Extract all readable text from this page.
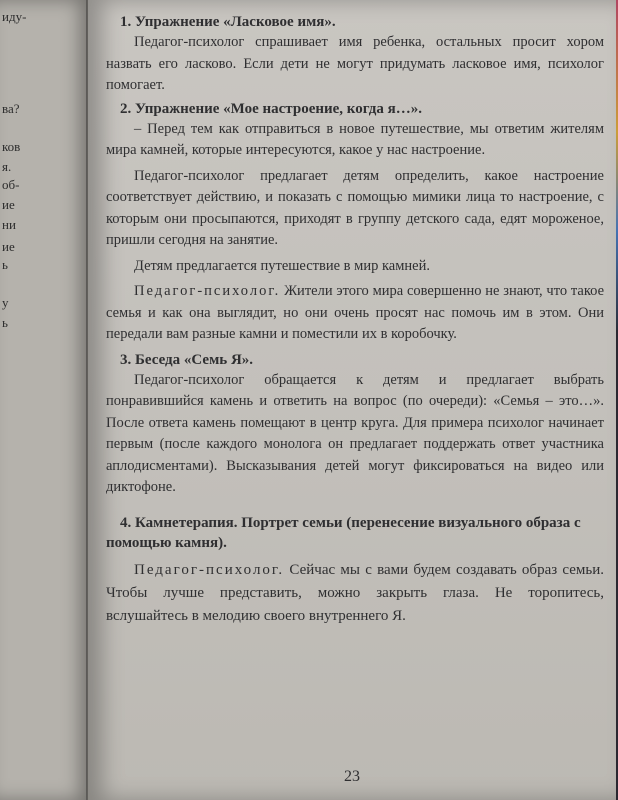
иду-
ва?
ков
я.
об-
ие
ни
ие
ь
у
ь
1. Упражнение «Ласковое имя».

Педагог-психолог спрашивает имя ребенка, остальных просит хором назвать его ласково. Если дети не могут придумать ласковое имя, психолог помогает.

2. Упражнение «Мое настроение, когда я…».

– Перед тем как отправиться в новое путешествие, мы ответим жителям мира камней, которые интересуются, какое у нас настроение.

Педагог-психолог предлагает детям определить, какое настроение соответствует действию, и показать с помощью мимики лица то настроение, с которым они просыпаются, приходят в группу детского сада, едят мороженое, пришли сегодня на занятие.

Детям предлагается путешествие в мир камней.

Педагог-психолог. Жители этого мира совершенно не знают, что такое семья и как она выглядит, но они очень просят нас помочь им в этом. Они передали вам разные камни и поместили их в коробочку.

3. Беседа «Семь Я».

Педагог-психолог обращается к детям и предлагает выбрать понравившийся камень и ответить на вопрос (по очереди): «Семья – это…». После ответа камень помещают в центр круга. Для примера психолог начинает первым (после каждого монолога он предлагает поддержать ответ участника аплодисментами). Высказывания детей могут фиксироваться на видео или диктофоне.

4. Камнетерапия. Портрет семьи (перенесение визуального образа с помощью камня).

Педагог-психолог. Сейчас мы с вами будем создавать образ семьи. Чтобы лучше представить, можно закрыть глаза. Не торопитесь, вслушайтесь в мелодию своего внутреннего Я.

23
